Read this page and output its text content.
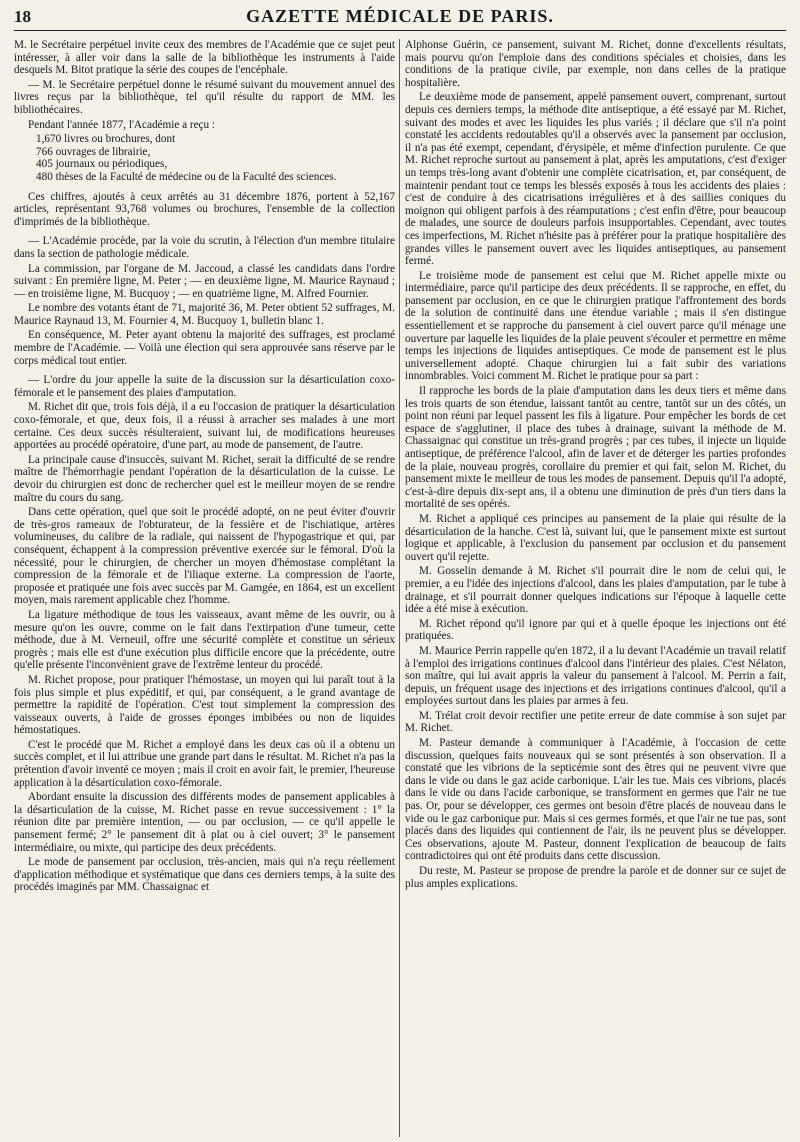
18	GAZETTE MÉDICALE DE PARIS.

M. le Secrétaire perpétuel invite ceux des membres de l'Académie que ce sujet peut intéresser, à aller voir dans la salle de la bibliothèque les instruments à l'aide desquels M. Bitot pratique la série des coupes de l'encéphale.

— M. le Secrétaire perpétuel donne le résumé suivant du mouvement annuel des livres reçus par la bibliothèque, tel qu'il résulte du rapport de MM. les bibliothécaires.

Pendant l'année 1877, l'Académie a reçu :

1,670 livres ou brochures, dont
766 ouvrages de librairie,
405 journaux ou périodiques,
480 thèses de la Faculté de médecine ou de la Faculté des sciences.

Ces chiffres, ajoutés à ceux arrêtés au 31 décembre 1876, portent à 52,167 articles, représentant 93,768 volumes ou brochures, l'ensemble de la collection d'imprimés de la bibliothèque.

— L'Académie procède, par la voie du scrutin, à l'élection d'un membre titulaire dans la section de pathologie médicale.

La commission, par l'organe de M. Jaccoud, a classé les candidats dans l'ordre suivant : En première ligne, M. Peter ; — en deuxième ligne, M. Maurice Raynaud ; — en troisième ligne, M. Bucquoy ; — en quatrième ligne, M. Alfred Fournier.

Le nombre des votants étant de 71, majorité 36, M. Peter obtient 52 suffrages, M. Maurice Raynaud 13, M. Fournier 4, M. Bucquoy 1, bulletin blanc 1.

En conséquence, M. Peter ayant obtenu la majorité des suffrages, est proclamé membre de l'Académie. — Voilà une élection qui sera approuvée sans réserve par le corps médical tout entier.

— L'ordre du jour appelle la suite de la discussion sur la désarticulation coxo-fémorale et le pansement des plaies d'amputation.

M. Richet dit que, trois fois déjà, il a eu l'occasion de pratiquer la désarticulation coxo-fémorale, et que, deux fois, il a réussi à arracher ses malades à une mort certaine. Ces deux succès résulteraient, suivant lui, de modifications heureuses apportées au procédé opératoire, d'une part, au mode de pansement, de l'autre.

La principale cause d'insuccès, suivant M. Richet, serait la difficulté de se rendre maître de l'hémorrhagie pendant l'opération de la désarticulation de la cuisse. Le devoir du chirurgien est donc de rechercher quel est le meilleur moyen de se rendre maître du cours du sang.

Dans cette opération, quel que soit le procédé adopté, on ne peut éviter d'ouvrir de très-gros rameaux de l'obturateur, de la fessière et de l'ischiatique, artères volumineuses, du calibre de la radiale, qui naissent de l'hypogastrique et qui, par conséquent, échappent à la compression préventive exercée sur le fémoral. D'où la nécessité, pour le chirurgien, de chercher un moyen d'hémostase complétant la compression de la fémorale et de l'iliaque externe. La compression de l'aorte, proposée et pratiquée une fois avec succès par M. Gamgée, en 1864, est un excellent moyen, mais rarement applicable chez l'homme.

La ligature méthodique de tous les vaisseaux, avant même de les ouvrir, ou à mesure qu'on les ouvre, comme on le fait dans l'extirpation d'une tumeur, cette méthode, due à M. Verneuil, offre une sécurité complète et constitue un sérieux progrès ; mais elle est d'une exécution plus difficile encore que la précédente, outre qu'elle présente l'inconvénient grave de l'extrême lenteur du procédé.

M. Richet propose, pour pratiquer l'hémostase, un moyen qui lui paraît tout à la fois plus simple et plus expéditif, et qui, par conséquent, a le grand avantage de permettre la rapidité de l'opération. C'est tout simplement la compression des vaisseaux ouverts, à l'aide de grosses éponges imbibées ou non de liquides hémostatiques.

C'est le procédé que M. Richet a employé dans les deux cas où il a obtenu un succès complet, et il lui attribue une grande part dans le résultat. M. Richet n'a pas la prétention d'avoir inventé ce moyen ; mais il croit en avoir fait, le premier, l'heureuse application à la désarticulation coxo-fémorale.

Abordant ensuite la discussion des différents modes de pansement applicables à la désarticulation de la cuisse, M. Richet passe en revue successivement : 1° la réunion dite par première intention, — ou par occlusion, — ce qu'il appelle le pansement fermé; 2° le pansement dit à plat ou à ciel ouvert; 3° le pansement intermédiaire, ou mixte, qui participe des deux précédents.

Le mode de pansement par occlusion, très-ancien, mais qui n'a reçu réellement d'application méthodique et systématique que dans ces derniers temps, à la suite des procédés imaginés par MM. Chassaignac et

Alphonse Guérin, ce pansement, suivant M. Richet, donne d'excellents résultats, mais pourvu qu'on l'emploie dans des conditions spéciales et choisies, dans les conditions de la pratique civile, par exemple, non dans celles de la pratique hospitalière.

Le deuxième mode de pansement, appelé pansement ouvert, comprenant, surtout depuis ces derniers temps, la méthode dite antiseptique, a été essayé par M. Richet, suivant des modes et avec les liquides les plus variés ; il déclare que s'il n'a point constaté les accidents redoutables qu'il a observés avec la pansement par occlusion, il n'a pas été exempt, cependant, d'érysipèle, et même d'infection purulente. Ce que M. Richet reproche surtout au pansement à plat, après les amputations, c'est d'exiger un temps très-long avant d'obtenir une complète cicatrisation, et, par conséquent, de maintenir pendant tout ce temps les blessés exposés à tous les accidents des plaies : c'est de conduire à des cicatrisations irrégulières et à des saillies coniques du moignon qui obligent parfois à des réamputations ; c'est enfin d'être, pour beaucoup de malades, une source de douleurs parfois insupportables. Cependant, avec toutes ces imperfections, M. Richet n'hésite pas à préférer pour la pratique hospitalière des grandes villes le pansement ouvert avec les liquides antiseptiques, au pansement fermé.

Le troisième mode de pansement est celui que M. Richet appelle mixte ou intermédiaire, parce qu'il participe des deux précédents. Il se rapproche, en effet, du pansement par occlusion, en ce que le chirurgien pratique l'affrontement des bords de la solution de continuité dans une étendue variable ; mais il s'en distingue essentiellement et se rapproche du pansement à ciel ouvert parce qu'il ménage une ouverture par laquelle les liquides de la plaie peuvent s'écouler et permettre en même temps les injections de liquides antiseptiques. Ce mode de pansement est le plus universellement adopté. Chaque chirurgien lui a fait subir des variations innombrables. Voici comment M. Richet le pratique pour sa part :

Il rapproche les bords de la plaie d'amputation dans les deux tiers et même dans les trois quarts de son étendue, laissant tantôt au centre, tantôt sur un des côtés, un point non réuni par lequel passent les fils à ligature. Pour empêcher les bords de cet espace de s'agglutiner, il place des tubes à drainage, suivant la méthode de M. Chassaignac qui constitue un très-grand progrès ; par ces tubes, il injecte un liquide antiseptique, de préférence l'alcool, afin de laver et de déterger les parties profondes de la plaie, nouveau progrès, corollaire du premier et qui fait, selon M. Richet, du pansement mixte le meilleur de tous les modes de pansement. Depuis qu'il l'a adopté, c'est-à-dire depuis dix-sept ans, il a obtenu une diminution de près d'un tiers dans la mortalité de ses opérés.

M. Richet a appliqué ces principes au pansement de la plaie qui résulte de la désarticulation de la hanche. C'est là, suivant lui, que le pansement mixte est surtout logique et applicable, à l'exclusion du pansement par occlusion et du pansement ouvert qu'il rejette.

M. Gosselin demande à M. Richet s'il pourrait dire le nom de celui qui, le premier, a eu l'idée des injections d'alcool, dans les plaies d'amputation, par le tube à drainage, et s'il pourrait donner quelques indications sur l'époque à laquelle cette idée a été mise à exécution.

M. Richet répond qu'il ignore par qui et à quelle époque les injections ont été pratiquées.

M. Maurice Perrin rappelle qu'en 1872, il a lu devant l'Académie un travail relatif à l'emploi des irrigations continues d'alcool dans l'intérieur des plaies. C'est Nélaton, son maître, qui lui avait appris la valeur du pansement à l'alcool. M. Perrin a fait, depuis, un fréquent usage des injections et des irrigations continues d'alcool, qu'il a employées surtout dans les plaies par armes à feu.

M. Trélat croit devoir rectifier une petite erreur de date commise à son sujet par M. Richet.

M. Pasteur demande à communiquer à l'Académie, à l'occasion de cette discussion, quelques faits nouveaux qui se sont présentés à son observation. Il a constaté que les vibrions de la septicémie sont des êtres qui ne peuvent vivre que dans le vide ou dans le gaz acide carbonique. L'air les tue. Mais ces vibrions, placés dans le vide ou dans l'acide carbonique, se transforment en germes que l'air ne tue pas. Or, pour se développer, ces germes ont besoin d'être placés de nouveau dans le vide ou le gaz carbonique pur. Mais si ces germes formés, et que l'air ne tue pas, sont placés dans des liquides qui contiennent de l'air, ils ne peuvent plus se développer. Ces observations, ajoute M. Pasteur, donnent l'explication de beaucoup de faits contradictoires qui ont été produits dans cette discussion.

Du reste, M. Pasteur se propose de prendre la parole et de donner sur ce sujet de plus amples explications.
